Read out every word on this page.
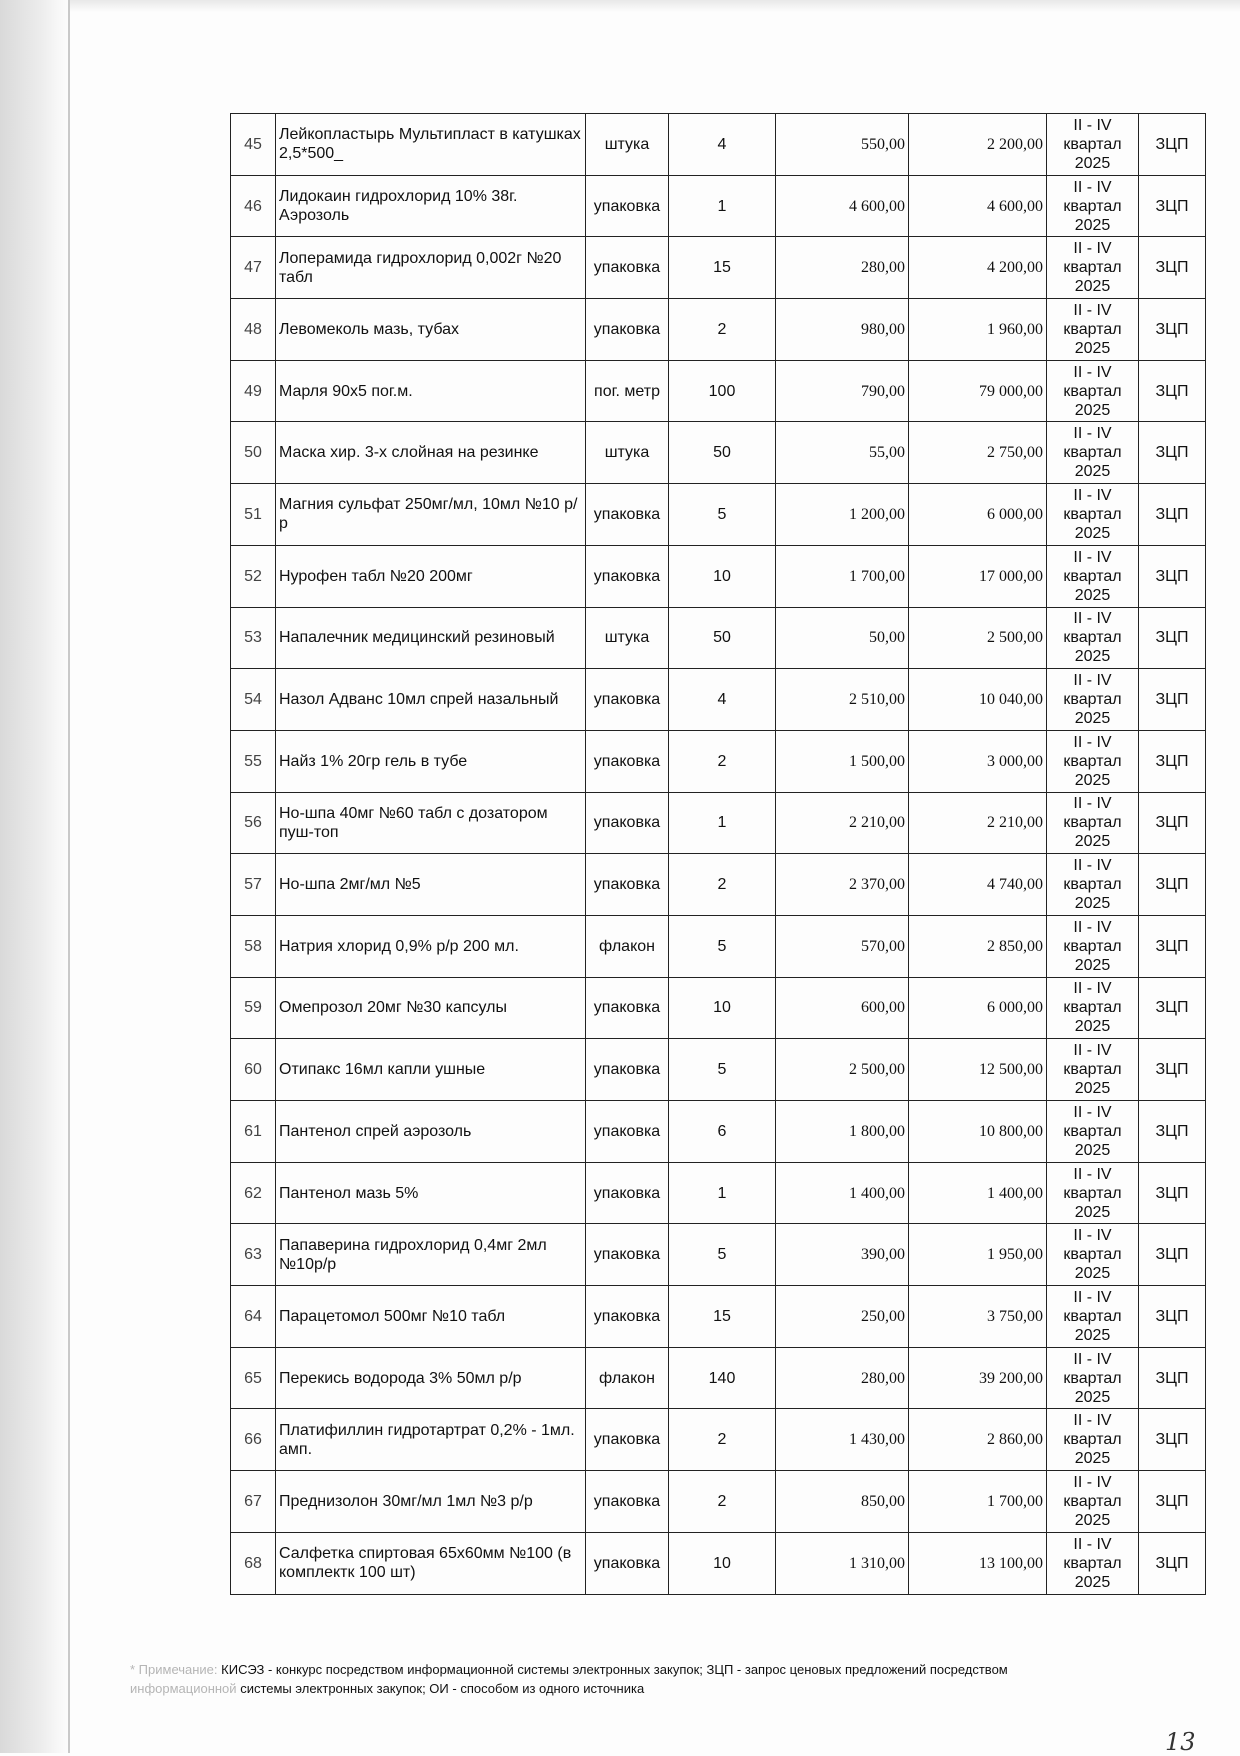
45	Лейкопластырь Мультипласт в катушках 2,5*500_	штука	4	550,00	2 200,00	II - IV квартал 2025	ЗЦП
46	Лидокаин гидрохлорид 10% 38г. Аэрозоль	упаковка	1	4 600,00	4 600,00	II - IV квартал 2025	ЗЦП
47	Лоперамида гидрохлорид 0,002г №20 табл	упаковка	15	280,00	4 200,00	II - IV квартал 2025	ЗЦП
48	Левомеколь мазь, тубах	упаковка	2	980,00	1 960,00	II - IV квартал 2025	ЗЦП
49	Марля 90х5 пог.м.	пог. метр	100	790,00	79 000,00	II - IV квартал 2025	ЗЦП
50	Маска хир. 3-х слойная на резинке	штука	50	55,00	2 750,00	II - IV квартал 2025	ЗЦП
51	Магния сульфат 250мг/мл, 10мл №10 р/р	упаковка	5	1 200,00	6 000,00	II - IV квартал 2025	ЗЦП
52	Нурофен табл №20 200мг	упаковка	10	1 700,00	17 000,00	II - IV квартал 2025	ЗЦП
53	Напалечник медицинский резиновый	штука	50	50,00	2 500,00	II - IV квартал 2025	ЗЦП
54	Назол Адванс 10мл спрей назальный	упаковка	4	2 510,00	10 040,00	II - IV квартал 2025	ЗЦП
55	Найз 1% 20гр гель в тубе	упаковка	2	1 500,00	3 000,00	II - IV квартал 2025	ЗЦП
56	Но-шпа 40мг №60 табл с дозатором пуш-топ	упаковка	1	2 210,00	2 210,00	II - IV квартал 2025	ЗЦП
57	Но-шпа 2мг/мл №5	упаковка	2	2 370,00	4 740,00	II - IV квартал 2025	ЗЦП
58	Натрия хлорид 0,9% р/р 200 мл.	флакон	5	570,00	2 850,00	II - IV квартал 2025	ЗЦП
59	Омепрозол 20мг №30 капсулы	упаковка	10	600,00	6 000,00	II - IV квартал 2025	ЗЦП
60	Отипакс 16мл капли ушные	упаковка	5	2 500,00	12 500,00	II - IV квартал 2025	ЗЦП
61	Пантенол спрей аэрозоль	упаковка	6	1 800,00	10 800,00	II - IV квартал 2025	ЗЦП
62	Пантенол мазь 5%	упаковка	1	1 400,00	1 400,00	II - IV квартал 2025	ЗЦП
63	Папаверина гидрохлорид 0,4мг 2мл №10р/р	упаковка	5	390,00	1 950,00	II - IV квартал 2025	ЗЦП
64	Парацетомол 500мг №10 табл	упаковка	15	250,00	3 750,00	II - IV квартал 2025	ЗЦП
65	Перекись водорода 3% 50мл р/р	флакон	140	280,00	39 200,00	II - IV квартал 2025	ЗЦП
66	Платифиллин гидротартрат 0,2% - 1мл. амп.	упаковка	2	1 430,00	2 860,00	II - IV квартал 2025	ЗЦП
67	Преднизолон 30мг/мл 1мл №3 р/р	упаковка	2	850,00	1 700,00	II - IV квартал 2025	ЗЦП
68	Салфетка спиртовая 65х60мм №100 (в комплектк 100 шт)	упаковка	10	1 310,00	13 100,00	II - IV квартал 2025	ЗЦП
* Примечание: КИСЭЗ - конкурс посредством информационной системы электронных закупок; ЗЦП - запрос ценовых предложений посредством
информационной системы электронных закупок; ОИ - способом из одного источника
13
